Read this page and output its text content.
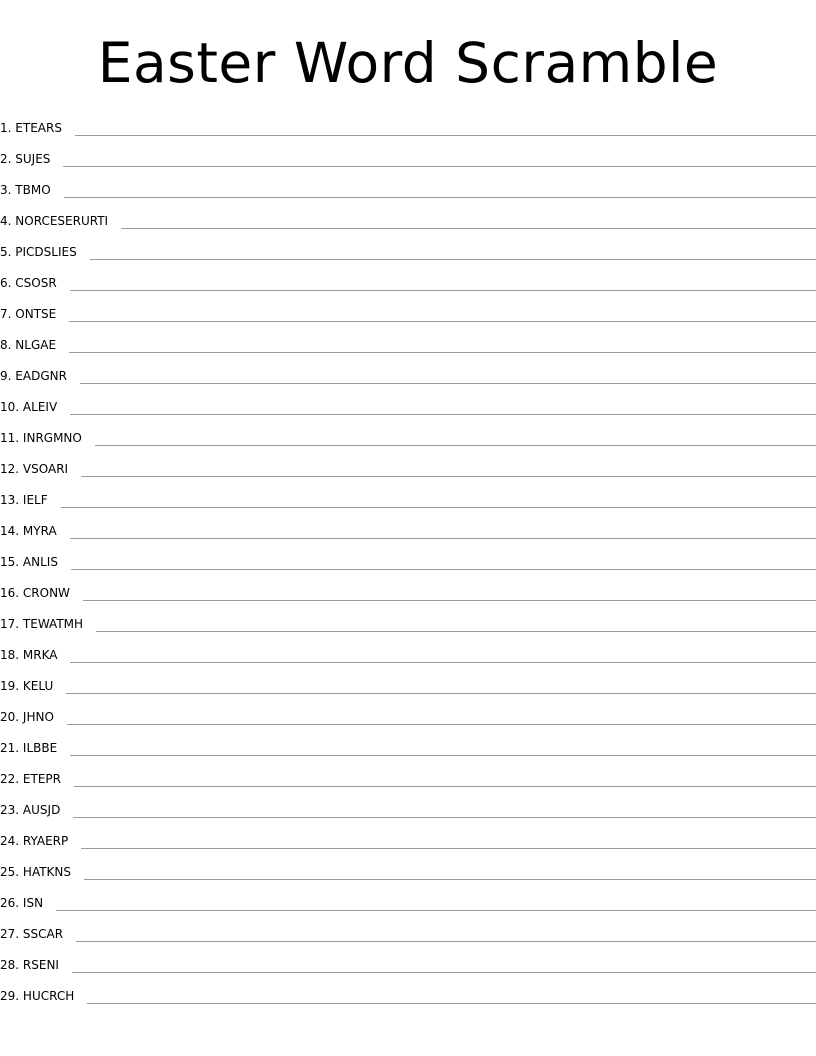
Easter Word Scramble
1. ETEARS
2. SUJES
3. TBMO
4. NORCESERURTI
5. PICDSLIES
6. CSOSR
7. ONTSE
8. NLGAE
9. EADGNR
10. ALEIV
11. INRGMNO
12. VSOARI
13. IELF
14. MYRA
15. ANLIS
16. CRONW
17. TEWATMH
18. MRKA
19. KELU
20. JHNO
21. ILBBE
22. ETEPR
23. AUSJD
24. RYAERP
25. HATKNS
26. ISN
27. SSCAR
28. RSENI
29. HUCRCH
